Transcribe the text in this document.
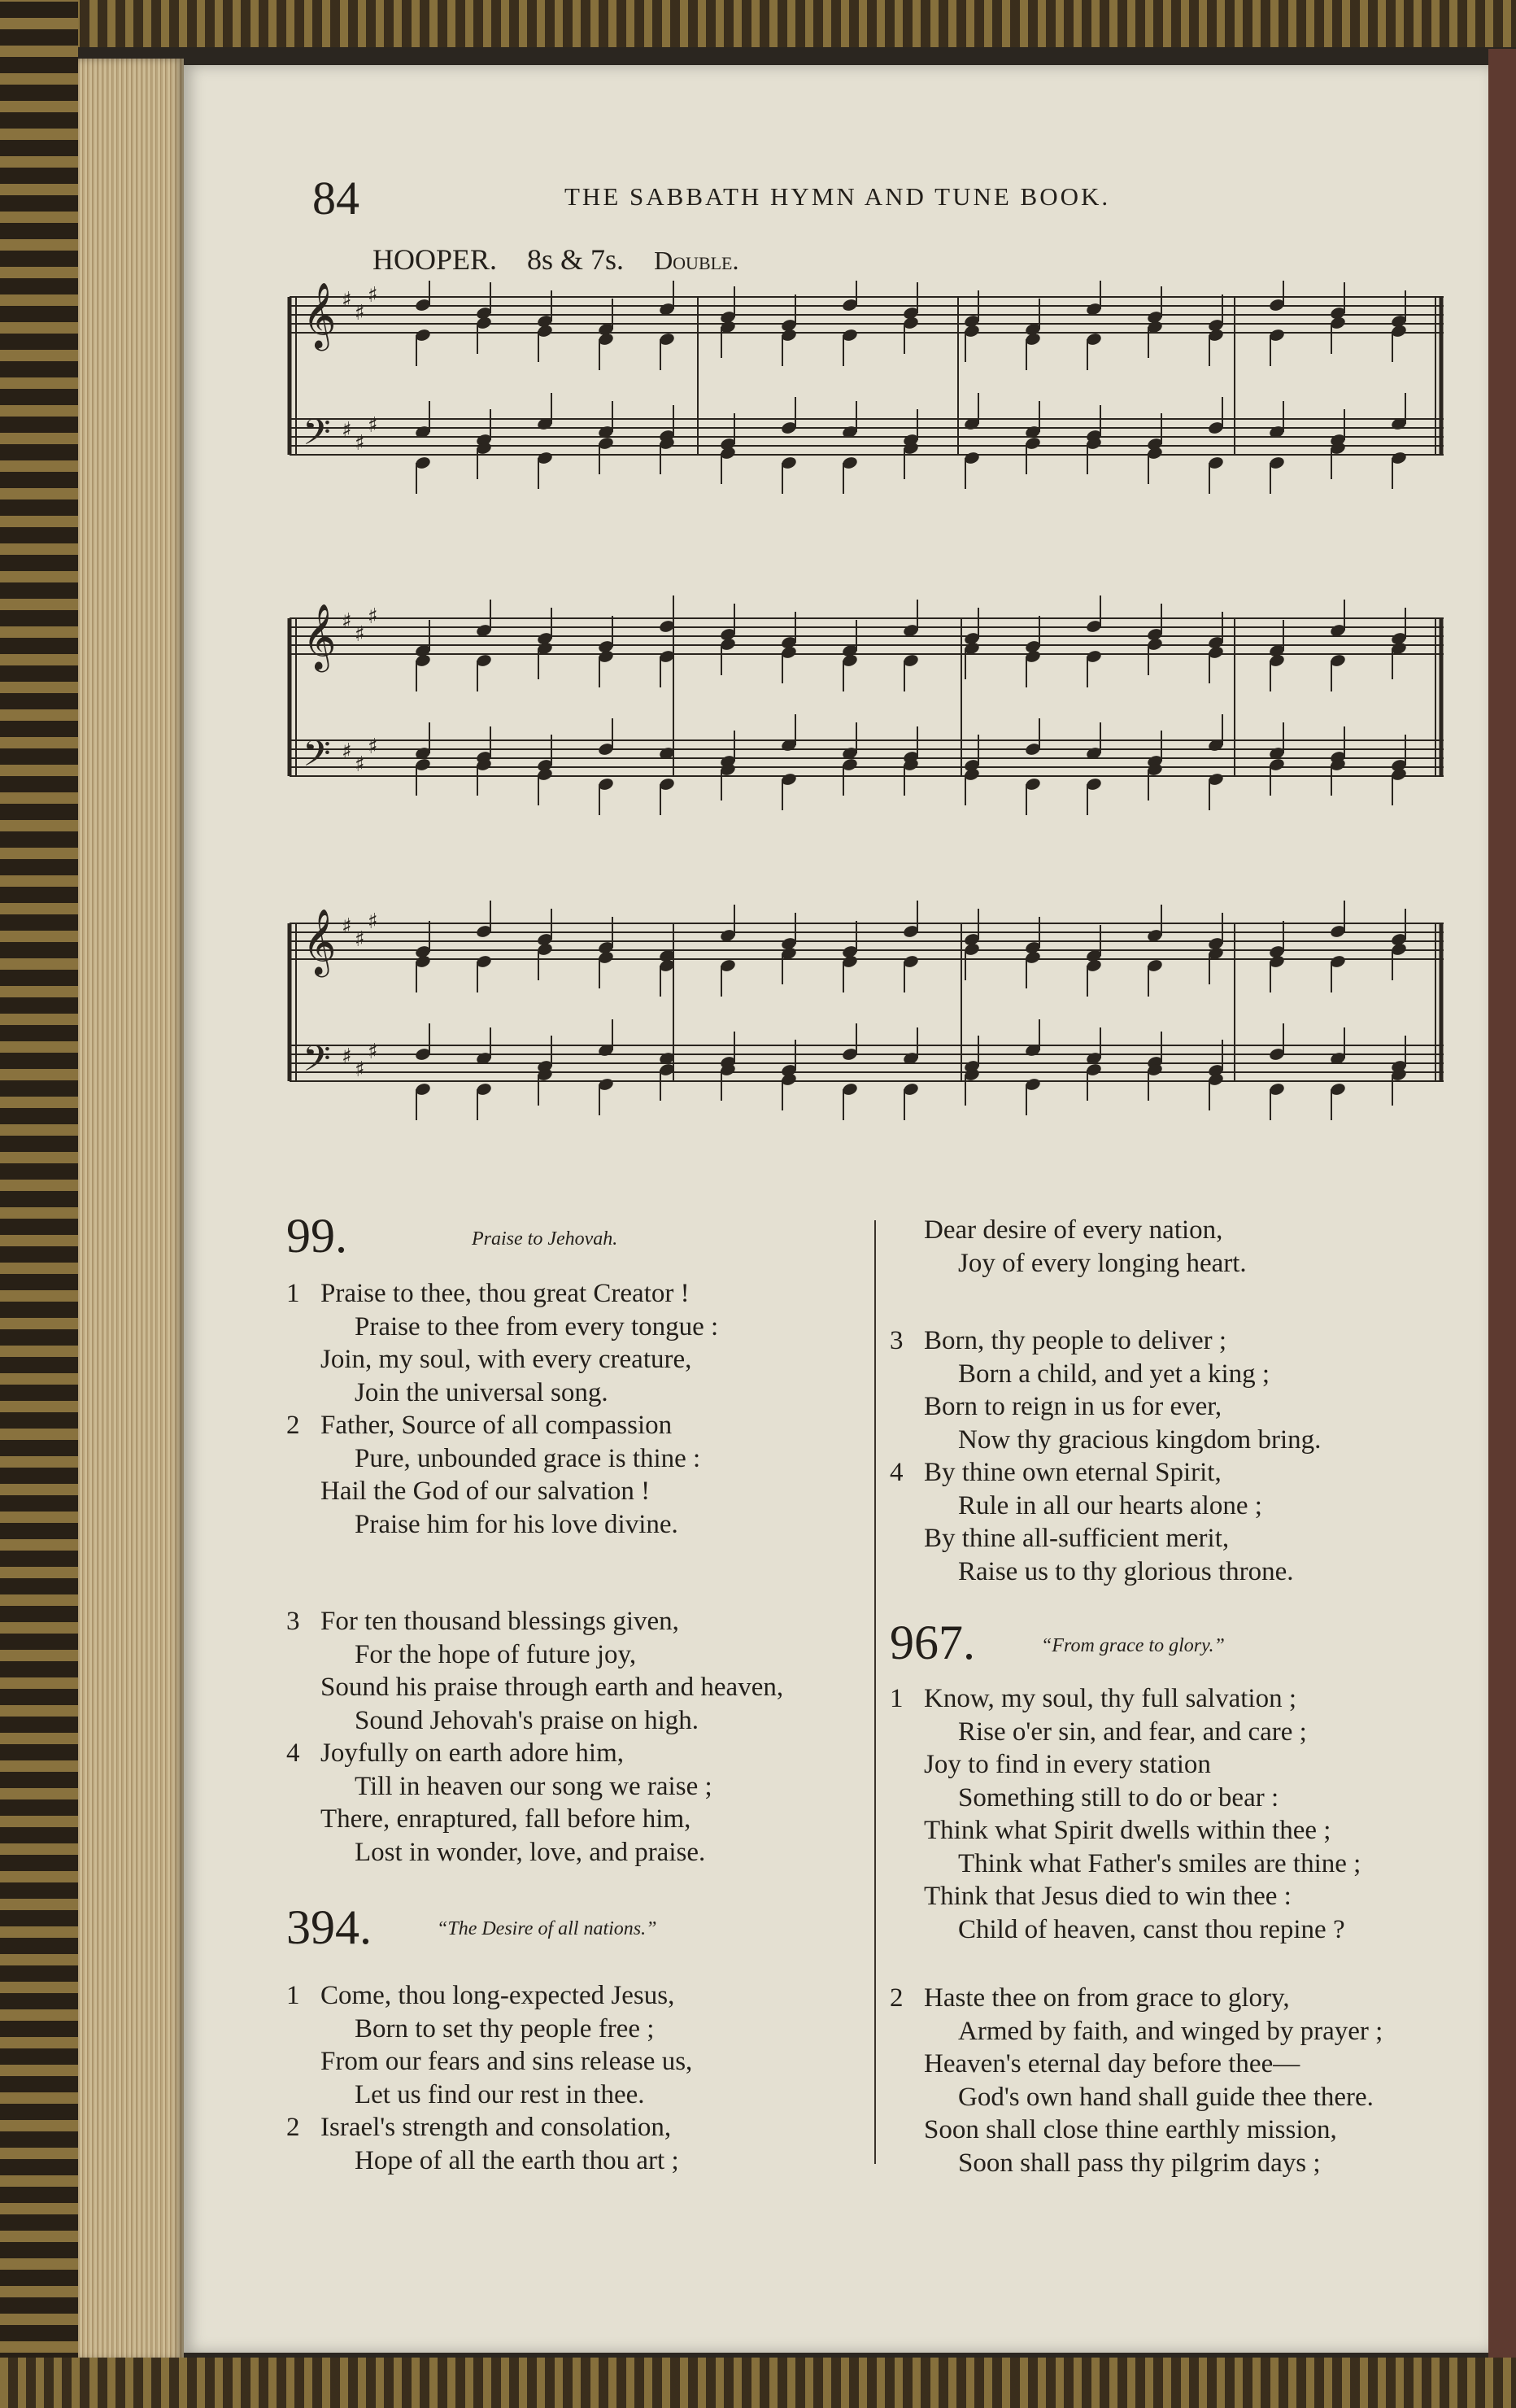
84	THE SABBATH HYMN AND TUNE BOOK.
HOOPER. 8s & 7s. Double.
𝄞
𝄢
♯
♯
♯
♯
♯
♯
𝄞
𝄢
♯
♯
♯
♯
♯
♯
𝄞
𝄢
♯
♯
♯
♯
♯
♯
99.	Praise to Jehovah.
1 Praise to thee, thou great Creator !
Praise to thee from every tongue :
Join, my soul, with every creature,
Join the universal song.
2 Father, Source of all compassion
Pure, unbounded grace is thine :
Hail the God of our salvation !
Praise him for his love divine.
3 For ten thousand blessings given,
For the hope of future joy,
Sound his praise through earth and heaven,
Sound Jehovah's praise on high.
4 Joyfully on earth adore him,
Till in heaven our song we raise ;
There, enraptured, fall before him,
Lost in wonder, love, and praise.
394.	“The Desire of all nations.”
1 Come, thou long-expected Jesus,
Born to set thy people free ;
From our fears and sins release us,
Let us find our rest in thee.
2 Israel's strength and consolation,
Hope of all the earth thou art ;
Dear desire of every nation,
Joy of every longing heart.
3 Born, thy people to deliver ;
Born a child, and yet a king ;
Born to reign in us for ever,
Now thy gracious kingdom bring.
4 By thine own eternal Spirit,
Rule in all our hearts alone ;
By thine all-sufficient merit,
Raise us to thy glorious throne.
967.	“From grace to glory.”
1 Know, my soul, thy full salvation ;
Rise o'er sin, and fear, and care ;
Joy to find in every station
Something still to do or bear :
Think what Spirit dwells within thee ;
Think what Father's smiles are thine ;
Think that Jesus died to win thee :
Child of heaven, canst thou repine ?
2 Haste thee on from grace to glory,
Armed by faith, and winged by prayer ;
Heaven's eternal day before thee—
God's own hand shall guide thee there.
Soon shall close thine earthly mission,
Soon shall pass thy pilgrim days ;
